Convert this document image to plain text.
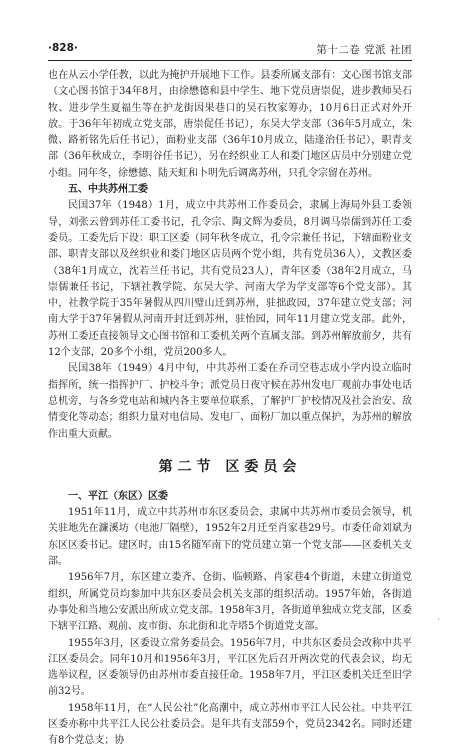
·828·	第十二卷 党派 社团

也在从云小学任教，以此为掩护开展地下工作。县委所属支部有：文心图书馆支部（文心图书馆于34年8月，由徐懋德和县中学生、地下党员唐崇促，进步教师吴石牧、进步学生夏福生等在护龙街因果巷口的吴石牧家筹办，10月6日正式对外开放。于36年年初成立党支部，唐崇促任书记），东吴大学支部（36年5月成立，朱微、路祈铭先后任书记），面粉业支部（36年10月成立，陆逢治任书记），职青支部（36年秋成立，李明谷任书记），另在经织业工人和娄门地区店员中分别建立党小组。同年冬，徐懋德、陆天虹和卜明先后调离苏州，只孔令宗留在苏州。

五、中共苏州工委

民国37年（1948）1月，成立中共苏州工作委员会，隶属上海局外县工委领导，刘张云曾到苏任工委书记，孔令宗、陶文辉为委员，8月调马崇儒到苏任工委委员。工委先后下设：职工区委（同年秋冬成立，孔令宗兼任书记，下辖面粉业支部、职青支部以及丝织业和娄门地区店员两个党小组，共有党员36人），文教区委（38年1月成立，沈若兰任书记，共有党员23人），青年区委（38年2月成立，马崇儒兼任书记，下辖社教学院、东吴大学、河南大学为学支部等6个党支部）。其中，社教学院于35年暑假从四川璧山迁到苏州，驻拙政园，37年建立党支部；河南大学于37年暑假从河南开封迁到苏州，驻怡园，同年11月建立党支部。此外，苏州工委还直接领导文心图书馆和工委机关两个直属支部。到苏州解放前夕，共有12个支部，20多个小组，党员200多人。

民国38年（1949）4月中旬，中共苏州工委在乔司空巷志成小学内设立临时指挥所，统一指挥护厂、护校斗争；派党员日夜守候在苏州发电厂观前办事处电话总机旁，与各乡党电站和城内各主要单位联系，了解护厂护校情况及社会治安、敌情变化等动态；组织力量对电信局、发电厂、面粉厂加以重点保护，为苏州的解放作出重大贡献。

第二节 区委员会
一、平江（东区）区委

1951年11月，成立中共苏州市东区委员会，隶属中共苏州市委员会领导，机关驻地先在濂溪坊（电池厂隔壁），1952年2月迁至肖家巷29号。市委任命刘斌为东区区委书记。建区时，由15名随军南下的党员建立第一个党支部——区委机关支部。

1956年7月，东区建立娄齐、仓街、临顿路、肖家巷4个街道，未建立街道党组织，所属党员均参加中共东区委员会机关支部的组织活动。1957年始，各街道办事处和当地公安派出所成立党支部。1958年3月，各街道单独成立党支部，区委下辖平江路、观前、皮市街、东北街和北寺塔5个街道党支部。

1955年3月，区委设立常务委员会。1956年7月，中共东区委员会改称中共平江区委员会。同年10月和1956年3月，平江区先后召开两次党的代表会议，均无选举议程，区委领导仍由苏州市委直接任命。1958年7月，平江区委机关迁至旧学前32号。

1958年11月，在“人民公社”化高潮中，成立苏州市平江人民公社。中共平江区委亦称中共平江人民公社委员会。是年共有支部59个，党员2342名。同时还建有8个党总支；协

·
